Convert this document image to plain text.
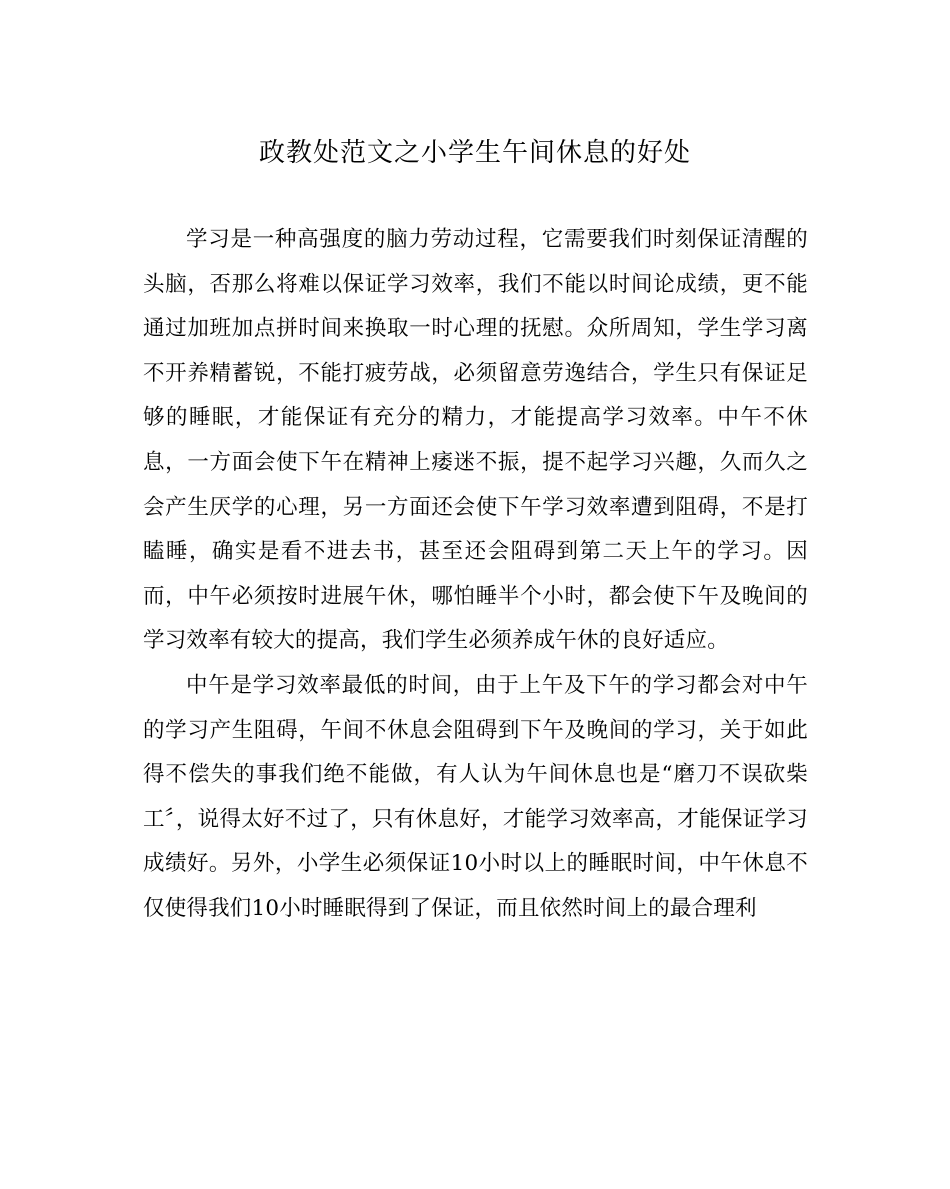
政教处范文之小学生午间休息的好处

学习是一种高强度的脑力劳动过程，它需要我们时刻保证清醒的头脑，否那么将难以保证学习效率，我们不能以时间论成绩，更不能通过加班加点拼时间来换取一时心理的抚慰。众所周知，学生学习离不开养精蓄锐，不能打疲劳战，必须留意劳逸结合，学生只有保证足够的睡眠，才能保证有充分的精力，才能提高学习效率。中午不休息，一方面会使下午在精神上痿迷不振，提不起学习兴趣，久而久之会产生厌学的心理，另一方面还会使下午学习效率遭到阻碍，不是打瞌睡，确实是看不进去书，甚至还会阻碍到第二天上午的学习。因而，中午必须按时进展午休，哪怕睡半个小时，都会使下午及晚间的学习效率有较大的提高，我们学生必须养成午休的良好适应。

中午是学习效率最低的时间，由于上午及下午的学习都会对中午的学习产生阻碍，午间不休息会阻碍到下午及晚间的学习，关于如此得不偿失的事我们绝不能做，有人认为午间休息也是“磨刀不误砍柴工〞，说得太好不过了，只有休息好，才能学习效率高，才能保证学习成绩好。另外，小学生必须保证10小时以上的睡眠时间，中午休息不仅使得我们10小时睡眠得到了保证，而且依然时间上的最合理利
